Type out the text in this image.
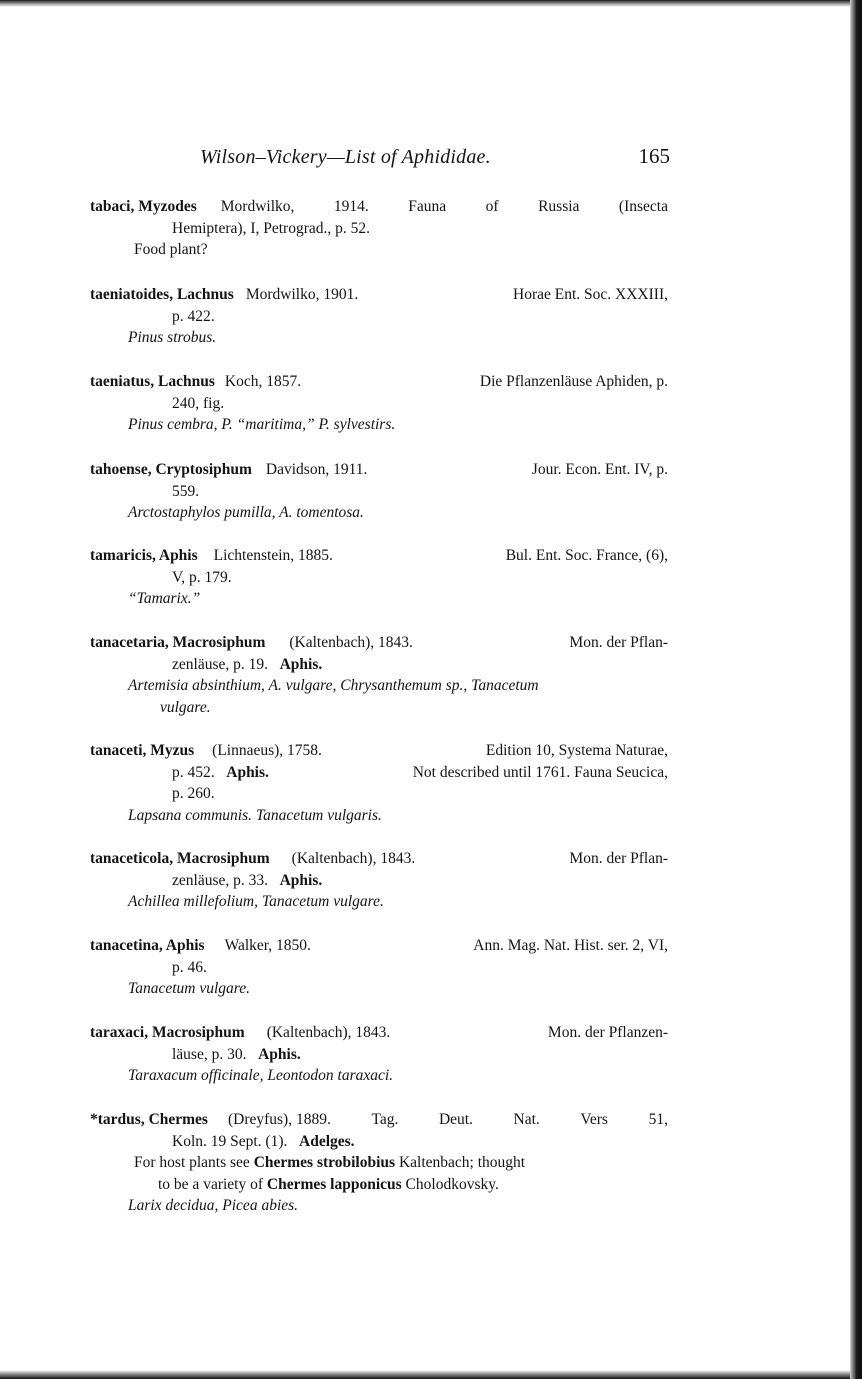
Wilson–Vickery—List of Aphididae.	165
tabaci, Myzodes Mordwilko,	1914.	Fauna	of	Russia	(Insecta
Hemiptera), I, Petrograd., p. 52.
Food plant?
taeniatoides, Lachnus Mordwilko, 1901.	Horae Ent. Soc. XXXIII,
p. 422.
Pinus strobus.
taeniatus, Lachnus Koch, 1857.	Die Pflanzenläuse Aphiden, p.
240, fig.
Pinus cembra, P. “maritima,” P. sylvestirs.
tahoense, Cryptosiphum Davidson, 1911.	Jour. Econ. Ent. IV, p.
559.
Arctostaphylos pumilla, A. tomentosa.
tamaricis, Aphis Lichtenstein, 1885.	Bul. Ent. Soc. France, (6),
V, p. 179.
“Tamarix.”
tanacetaria, Macrosiphum (Kaltenbach), 1843.	Mon. der Pflan-
zenläuse, p. 19. Aphis.
Artemisia absinthium, A. vulgare, Chrysanthemum sp., Tanacetum
vulgare.
tanaceti, Myzus (Linnaeus), 1758.	Edition 10, Systema Naturae,
p. 452. Aphis.	Not described until 1761. Fauna Seucica,
p. 260.
Lapsana communis. Tanacetum vulgaris.
tanaceticola, Macrosiphum (Kaltenbach), 1843.	Mon. der Pflan-
zenläuse, p. 33. Aphis.
Achillea millefolium, Tanacetum vulgare.
tanacetina, Aphis Walker, 1850.	Ann. Mag. Nat. Hist. ser. 2, VI,
p. 46.
Tanacetum vulgare.
taraxaci, Macrosiphum (Kaltenbach), 1843.	Mon. der Pflanzen-
läuse, p. 30. Aphis.
Taraxacum officinale, Leontodon taraxaci.
*tardus, Chermes (Dreyfus), 1889.	Tag.	Deut.	Nat.	Vers	51,
Koln. 19 Sept. (1). Adelges.
For host plants see Chermes strobilobius Kaltenbach; thought
to be a variety of Chermes lapponicus Cholodkovsky.
Larix decidua, Picea abies.
